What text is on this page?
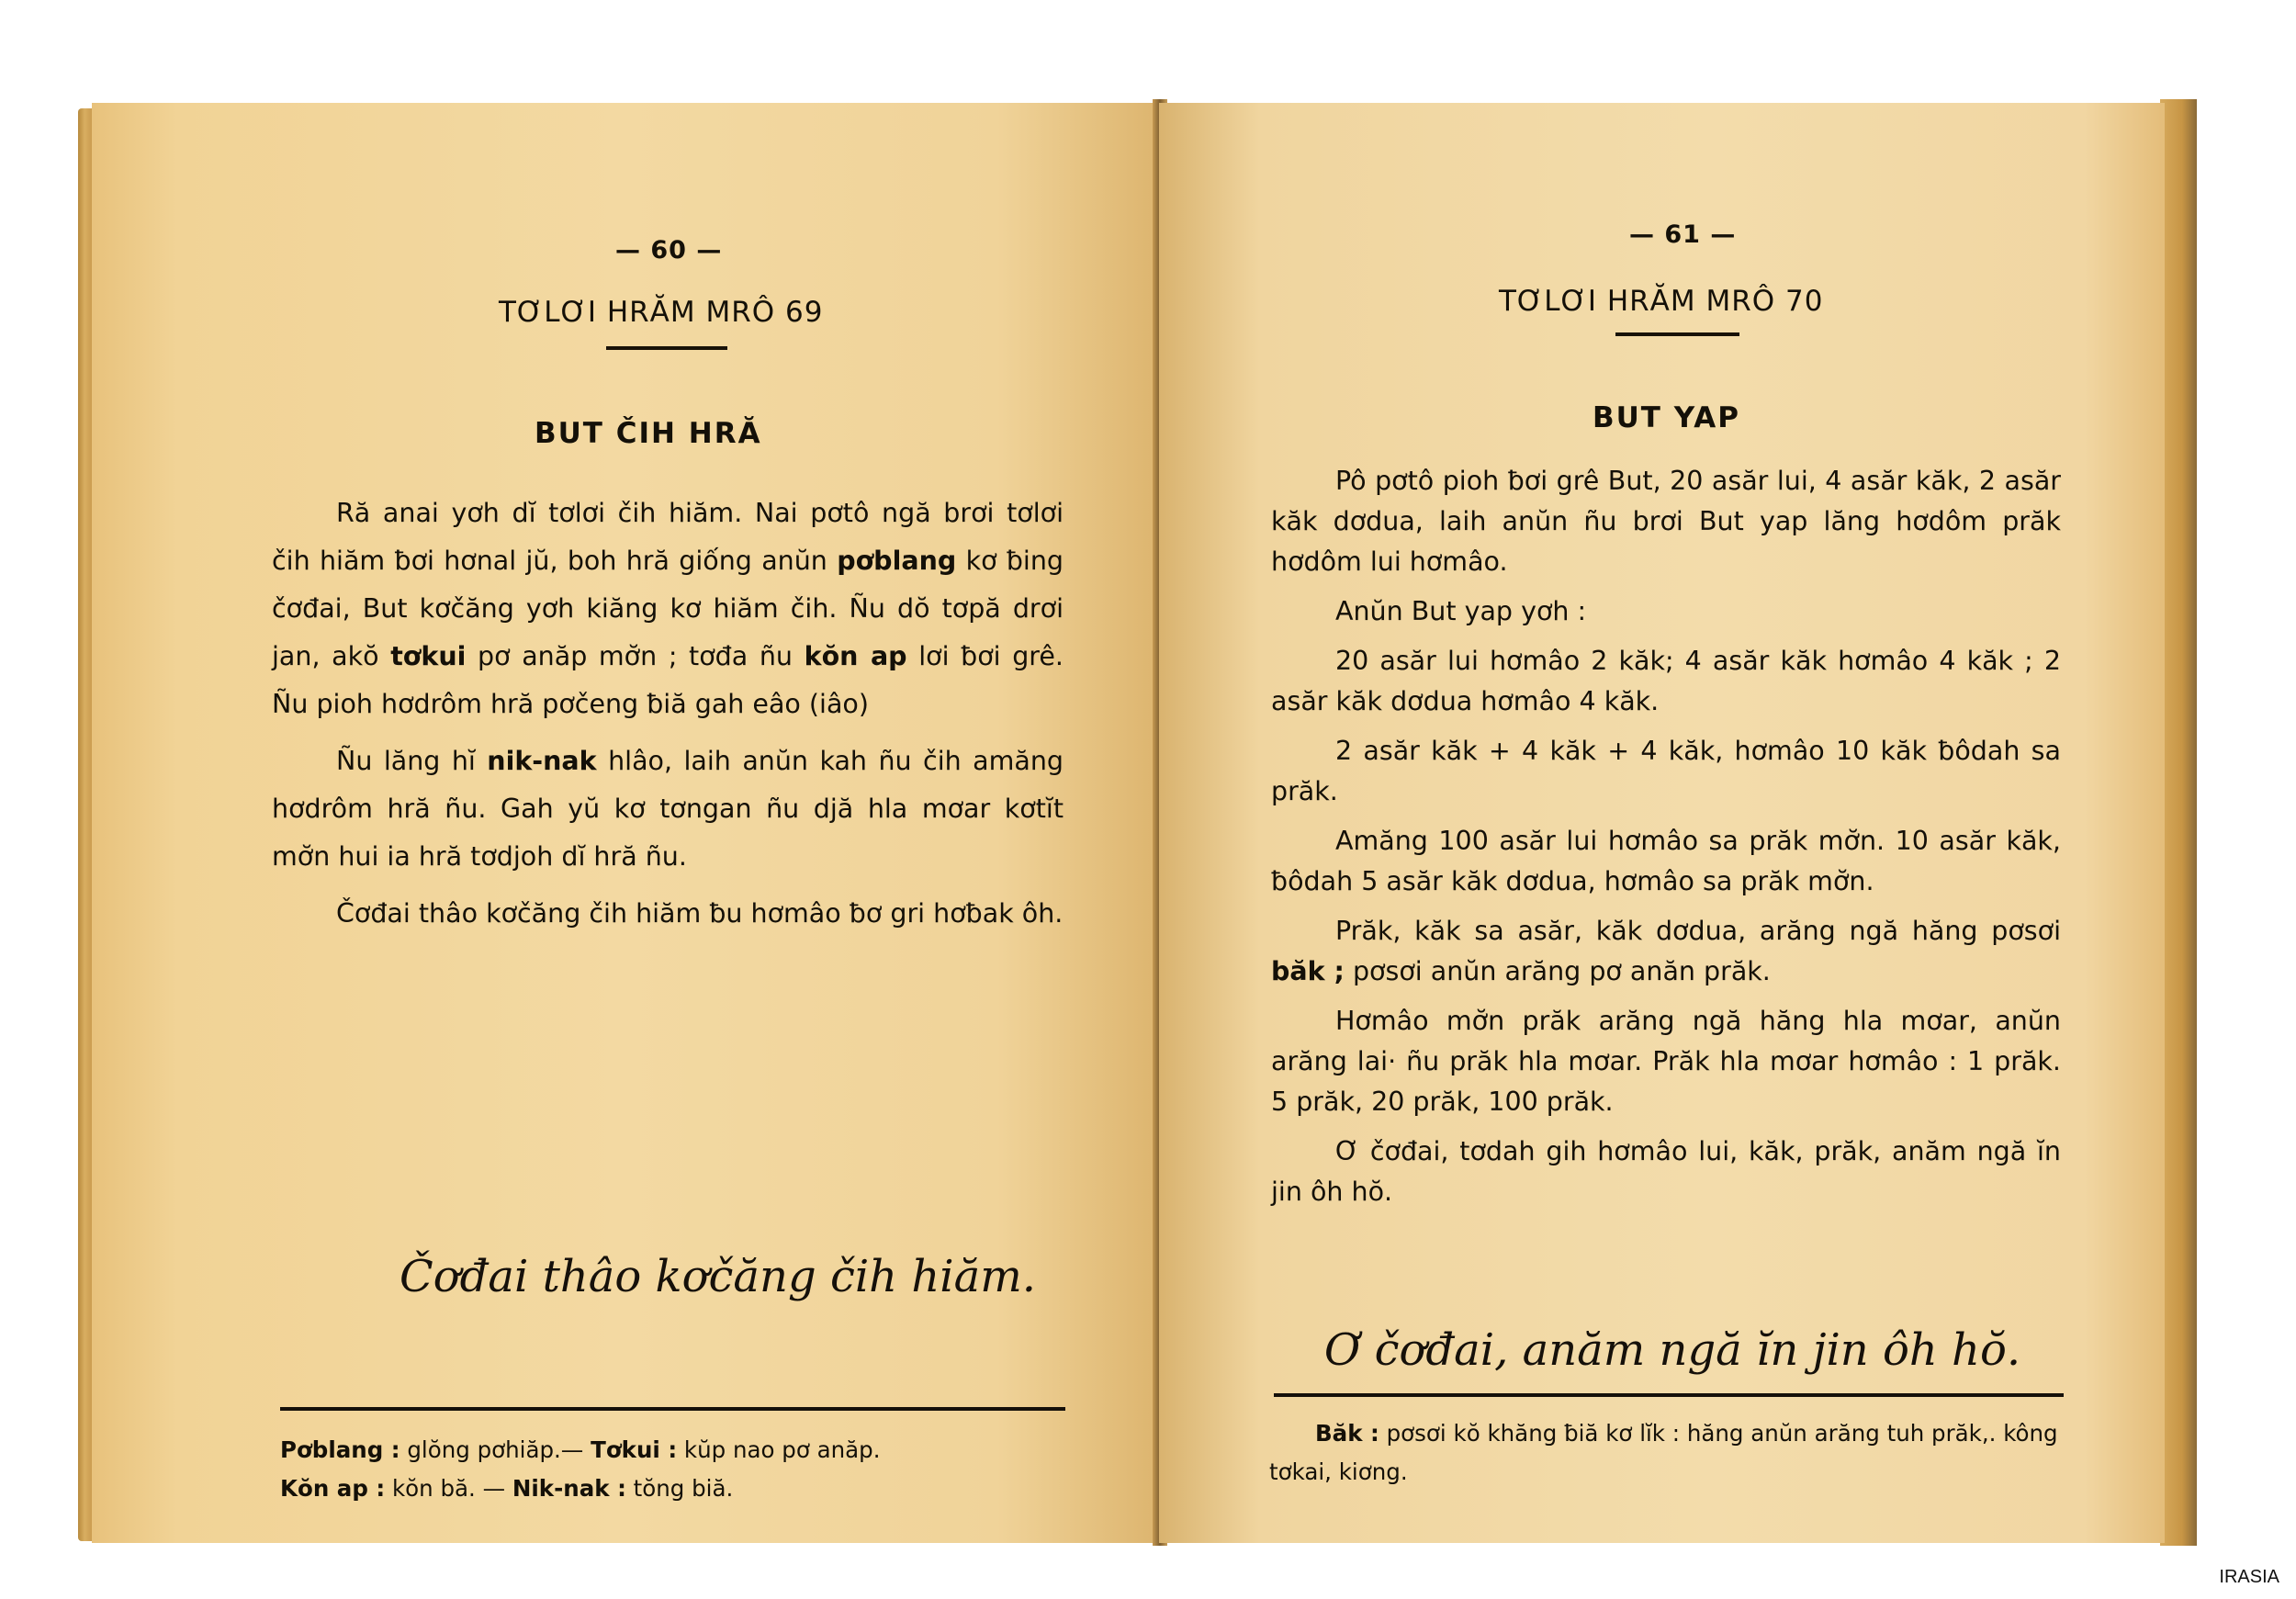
— 60 —
TƠLƠI HRĂM MRÔ 69
BUT ČIH HRĂ

Ră anai yơh dĭ tơlơi čih hiăm. Nai pơtô ngă brơi tơlơi čih hiăm ƀơi hơnal jŭ, boh hră giống anŭn pơblang kơ ƀing čơđai, But kơčăng yơh kiăng kơ hiăm čih. Ñu dŏ tơpă drơi jan, akŏ tơkui pơ anăp mơ̆n ; tơđa ñu kŏn ap lơi ƀơi grê. Ñu pioh hơdrôm hră pơčeng ƀiă gah eâo (iâo)

Ñu lăng hĭ nik-nak hlâo, laih anŭn kah ñu čih amăng hơdrôm hră ñu. Gah yŭ kơ tơngan ñu djă hla mơar kơtĭt mơ̆n hui ia hră tơdjoh dĭ hră ñu.

Čơđai thâo kơčăng čih hiăm ƀu hơmâo ƀơ gri hơƀak ôh.

Čơđai thâo kơčăng čih hiăm.
Pơblang : glŏng pơhiăp.— Tơkui : kŭp nao pơ anăp.
Kŏn ap : kŏn bă. — Nik-nak : tŏng biă.
— 61 —
TƠLƠI HRĂM MRÔ 70
BUT YAP

Pô pơtô pioh ƀơi grê But, 20 asăr lui, 4 asăr kăk, 2 asăr kăk dơdua, laih anŭn ñu brơi But yap lăng hơdôm prăk hơdôm lui hơmâo.

Anŭn But yap yơh :

20 asăr lui hơmâo 2 kăk; 4 asăr kăk hơmâo 4 kăk ; 2 asăr kăk dơdua hơmâo 4 kăk.

2 asăr kăk + 4 kăk + 4 kăk, hơmâo 10 kăk ƀôdah sa prăk.

Amăng 100 asăr lui hơmâo sa prăk mơ̆n. 10 asăr kăk, ƀôdah 5 asăr kăk dơdua, hơmâo sa prăk mơ̆n.

Prăk, kăk sa asăr, kăk dơdua, arăng ngă hăng pơsơi băk ; pơsơi anŭn arăng pơ anăn prăk.

Hơmâo mơ̆n prăk arăng ngă hăng hla mơar, anŭn arăng lai· ñu prăk hla mơar. Prăk hla mơar hơmâo : 1 prăk. 5 prăk, 20 prăk, 100 prăk.

Ơ čơđai, tơdah gih hơmâo lui, kăk, prăk, anăm ngă ĭn jin ôh hŏ.

Ơ čơđai, anăm ngă ĭn jin ôh hŏ.
Băk : pơsơi kŏ khăng ƀiă kơ lĭk : hăng anŭn arăng tuh prăk,. kông tơkai, kiơng.
IRASIA
